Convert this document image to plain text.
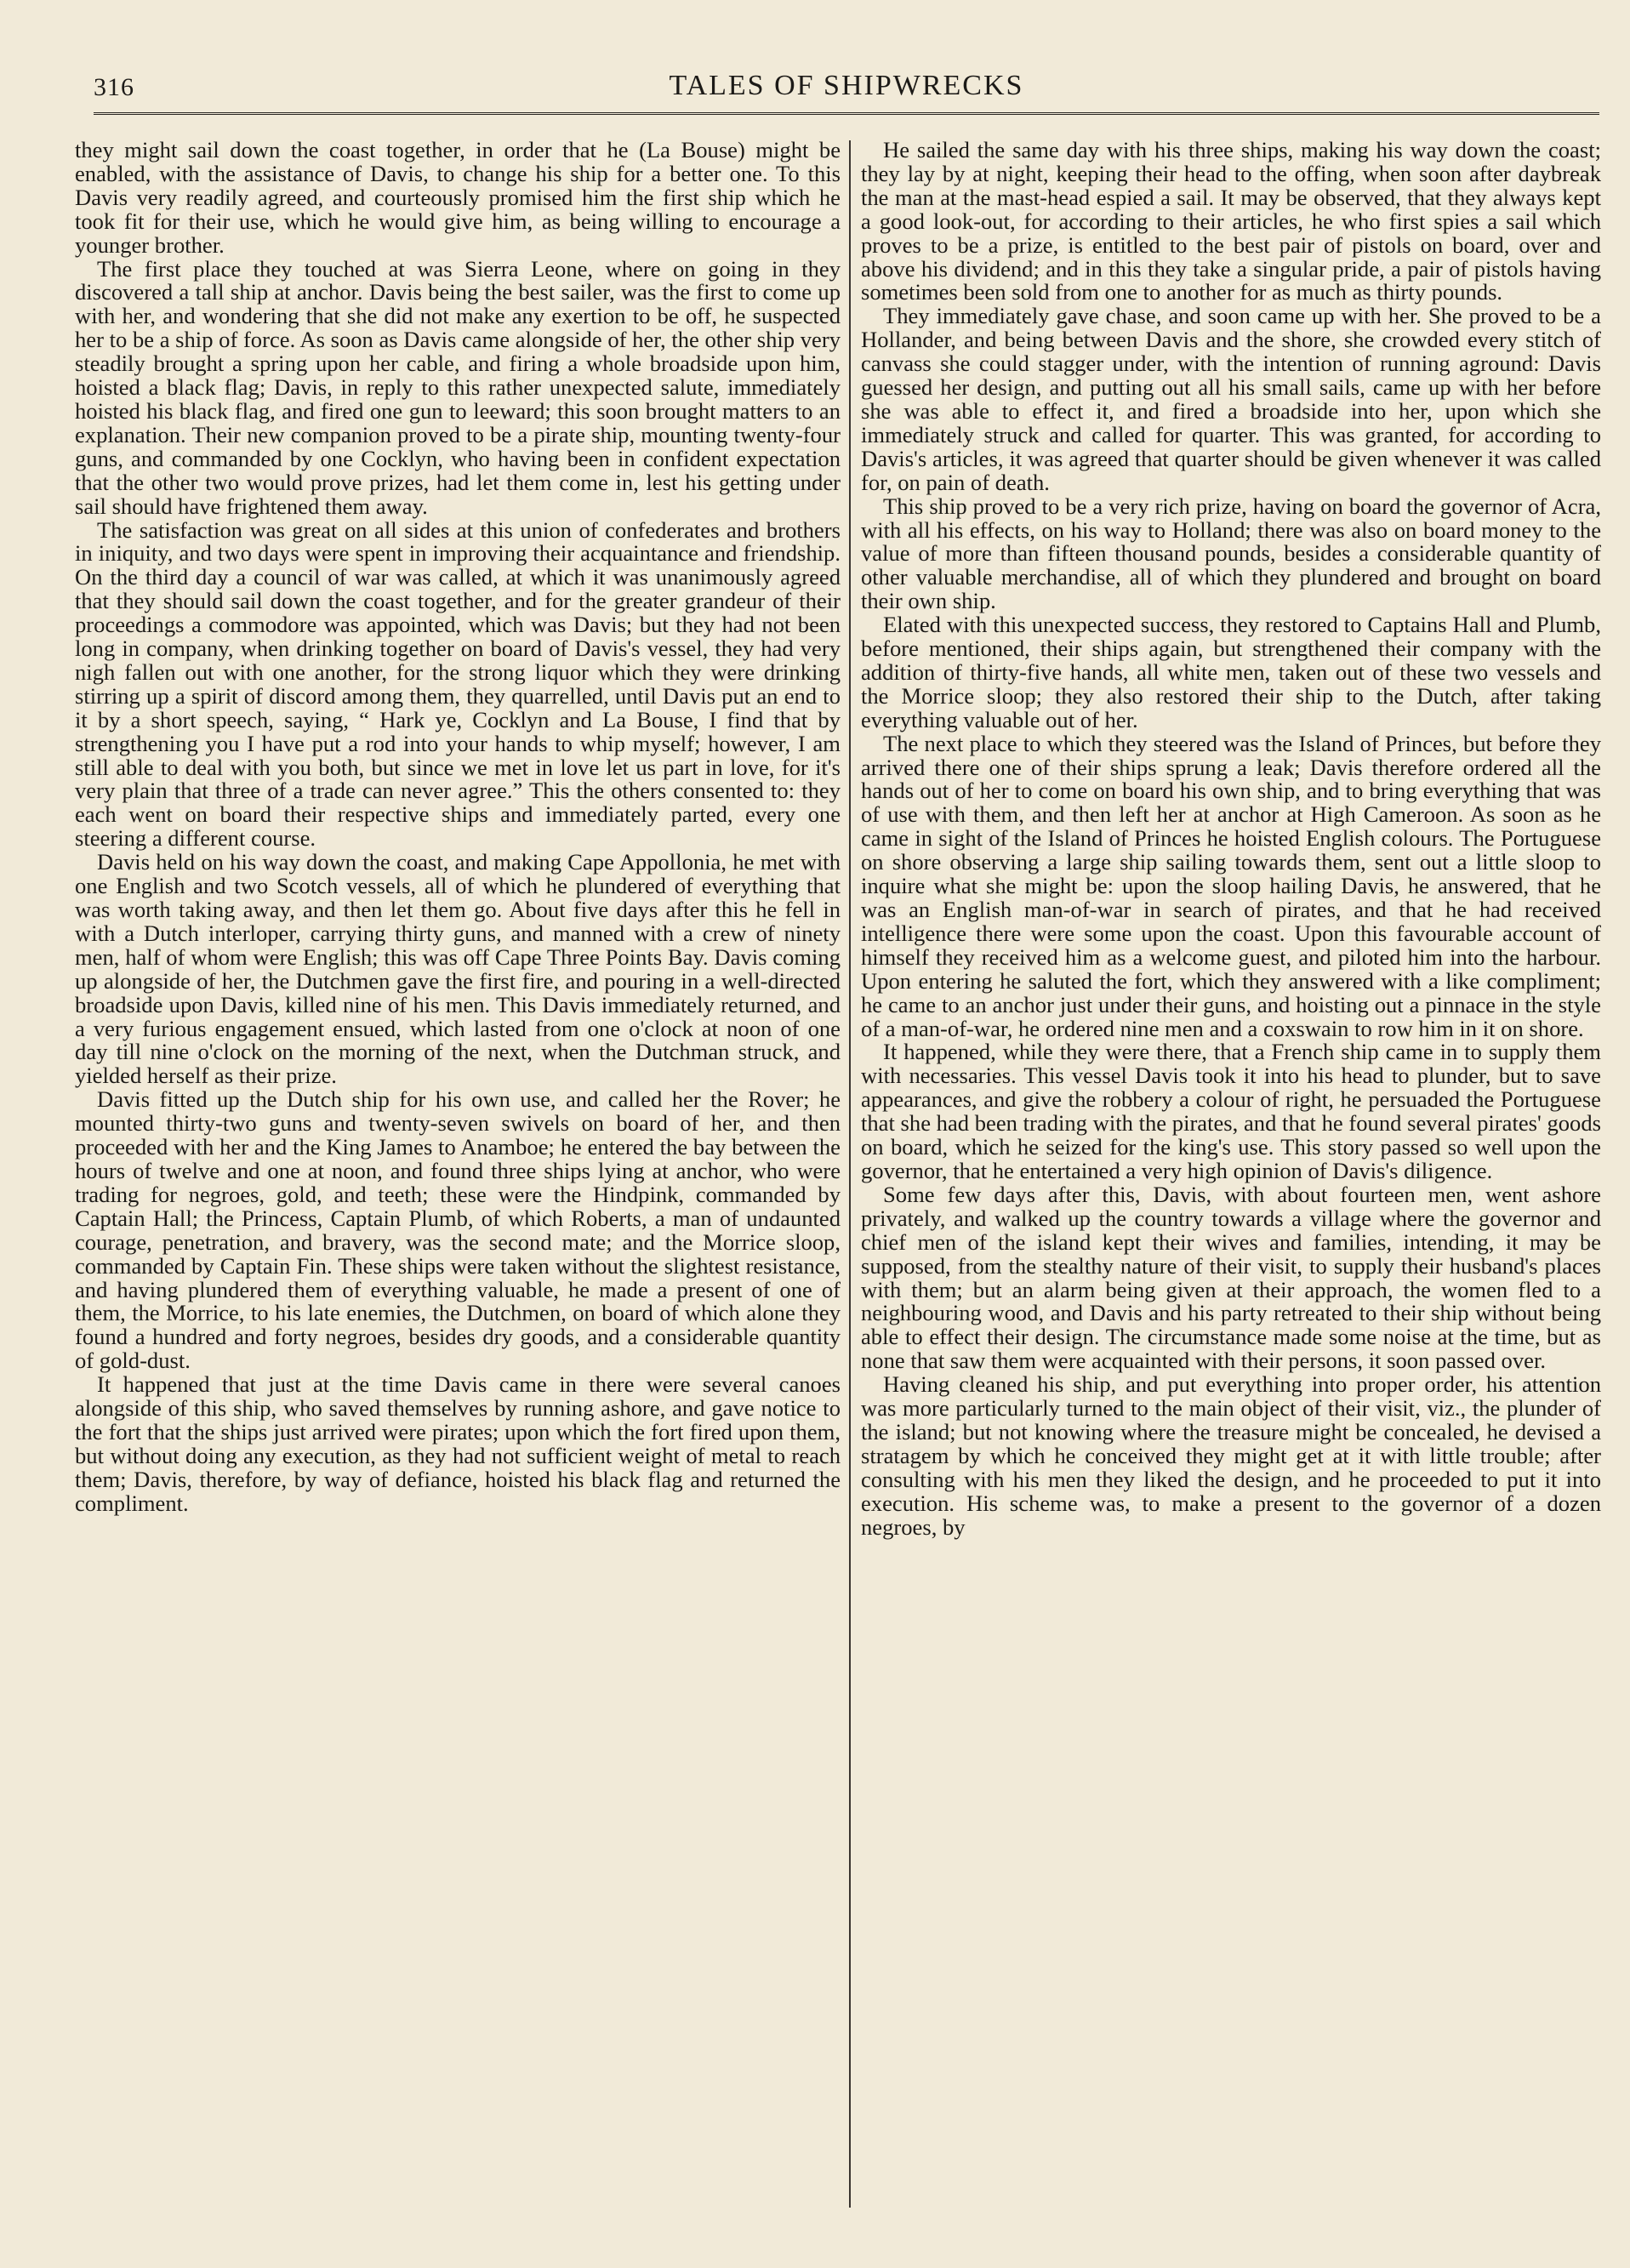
316	TALES OF SHIPWRECKS

they might sail down the coast together, in order that he (La Bouse) might be enabled, with the assistance of Davis, to change his ship for a better one. To this Davis very readily agreed, and courteously promised him the first ship which he took fit for their use, which he would give him, as being willing to encourage a younger brother.

The first place they touched at was Sierra Leone, where on going in they discovered a tall ship at anchor. Davis being the best sailer, was the first to come up with her, and wondering that she did not make any exertion to be off, he suspected her to be a ship of force. As soon as Davis came alongside of her, the other ship very steadily brought a spring upon her cable, and firing a whole broadside upon him, hoisted a black flag; Davis, in reply to this rather unexpected salute, immediately hoisted his black flag, and fired one gun to leeward; this soon brought matters to an explanation. Their new companion proved to be a pirate ship, mounting twenty-four guns, and commanded by one Cocklyn, who having been in confident expectation that the other two would prove prizes, had let them come in, lest his getting under sail should have frightened them away.

The satisfaction was great on all sides at this union of confederates and brothers in iniquity, and two days were spent in improving their acquaintance and friendship. On the third day a council of war was called, at which it was unanimously agreed that they should sail down the coast together, and for the greater grandeur of their proceedings a commodore was appointed, which was Davis; but they had not been long in company, when drinking together on board of Davis's vessel, they had very nigh fallen out with one another, for the strong liquor which they were drinking stirring up a spirit of discord among them, they quarrelled, until Davis put an end to it by a short speech, saying, “ Hark ye, Cocklyn and La Bouse, I find that by strengthening you I have put a rod into your hands to whip myself; however, I am still able to deal with you both, but since we met in love let us part in love, for it's very plain that three of a trade can never agree.” This the others consented to: they each went on board their respective ships and immediately parted, every one steering a different course.

Davis held on his way down the coast, and making Cape Appollonia, he met with one English and two Scotch vessels, all of which he plundered of everything that was worth taking away, and then let them go. About five days after this he fell in with a Dutch interloper, carrying thirty guns, and manned with a crew of ninety men, half of whom were English; this was off Cape Three Points Bay. Davis coming up alongside of her, the Dutchmen gave the first fire, and pouring in a well-directed broadside upon Davis, killed nine of his men. This Davis immediately returned, and a very furious engagement ensued, which lasted from one o'clock at noon of one day till nine o'clock on the morning of the next, when the Dutchman struck, and yielded herself as their prize.

Davis fitted up the Dutch ship for his own use, and called her the Rover; he mounted thirty-two guns and twenty-seven swivels on board of her, and then proceeded with her and the King James to Anamboe; he entered the bay between the hours of twelve and one at noon, and found three ships lying at anchor, who were trading for negroes, gold, and teeth; these were the Hindpink, commanded by Captain Hall; the Princess, Captain Plumb, of which Roberts, a man of undaunted courage, penetration, and bravery, was the second mate; and the Morrice sloop, commanded by Captain Fin. These ships were taken without the slightest resistance, and having plundered them of everything valuable, he made a present of one of them, the Morrice, to his late enemies, the Dutchmen, on board of which alone they found a hundred and forty negroes, besides dry goods, and a considerable quantity of gold-dust.

It happened that just at the time Davis came in there were several canoes alongside of this ship, who saved themselves by running ashore, and gave notice to the fort that the ships just arrived were pirates; upon which the fort fired upon them, but without doing any execution, as they had not sufficient weight of metal to reach them; Davis, therefore, by way of defiance, hoisted his black flag and returned the compliment.

He sailed the same day with his three ships, making his way down the coast; they lay by at night, keeping their head to the offing, when soon after daybreak the man at the mast-head espied a sail. It may be observed, that they always kept a good look-out, for according to their articles, he who first spies a sail which proves to be a prize, is entitled to the best pair of pistols on board, over and above his dividend; and in this they take a singular pride, a pair of pistols having sometimes been sold from one to another for as much as thirty pounds.

They immediately gave chase, and soon came up with her. She proved to be a Hollander, and being between Davis and the shore, she crowded every stitch of canvass she could stagger under, with the intention of running aground: Davis guessed her design, and putting out all his small sails, came up with her before she was able to effect it, and fired a broadside into her, upon which she immediately struck and called for quarter. This was granted, for according to Davis's articles, it was agreed that quarter should be given whenever it was called for, on pain of death.

This ship proved to be a very rich prize, having on board the governor of Acra, with all his effects, on his way to Holland; there was also on board money to the value of more than fifteen thousand pounds, besides a considerable quantity of other valuable merchandise, all of which they plundered and brought on board their own ship.

Elated with this unexpected success, they restored to Captains Hall and Plumb, before mentioned, their ships again, but strengthened their company with the addition of thirty-five hands, all white men, taken out of these two vessels and the Morrice sloop; they also restored their ship to the Dutch, after taking everything valuable out of her.

The next place to which they steered was the Island of Princes, but before they arrived there one of their ships sprung a leak; Davis therefore ordered all the hands out of her to come on board his own ship, and to bring everything that was of use with them, and then left her at anchor at High Cameroon. As soon as he came in sight of the Island of Princes he hoisted English colours. The Portuguese on shore observing a large ship sailing towards them, sent out a little sloop to inquire what she might be: upon the sloop hailing Davis, he answered, that he was an English man-of-war in search of pirates, and that he had received intelligence there were some upon the coast. Upon this favourable account of himself they received him as a welcome guest, and piloted him into the harbour. Upon entering he saluted the fort, which they answered with a like compliment; he came to an anchor just under their guns, and hoisting out a pinnace in the style of a man-of-war, he ordered nine men and a coxswain to row him in it on shore.

It happened, while they were there, that a French ship came in to supply them with necessaries. This vessel Davis took it into his head to plunder, but to save appearances, and give the robbery a colour of right, he persuaded the Portuguese that she had been trading with the pirates, and that he found several pirates' goods on board, which he seized for the king's use. This story passed so well upon the governor, that he entertained a very high opinion of Davis's diligence.

Some few days after this, Davis, with about fourteen men, went ashore privately, and walked up the country towards a village where the governor and chief men of the island kept their wives and families, intending, it may be supposed, from the stealthy nature of their visit, to supply their husband's places with them; but an alarm being given at their approach, the women fled to a neighbouring wood, and Davis and his party retreated to their ship without being able to effect their design. The circumstance made some noise at the time, but as none that saw them were acquainted with their persons, it soon passed over.

Having cleaned his ship, and put everything into proper order, his attention was more particularly turned to the main object of their visit, viz., the plunder of the island; but not knowing where the treasure might be concealed, he devised a stratagem by which he conceived they might get at it with little trouble; after consulting with his men they liked the design, and he proceeded to put it into execution. His scheme was, to make a present to the governor of a dozen negroes, by
